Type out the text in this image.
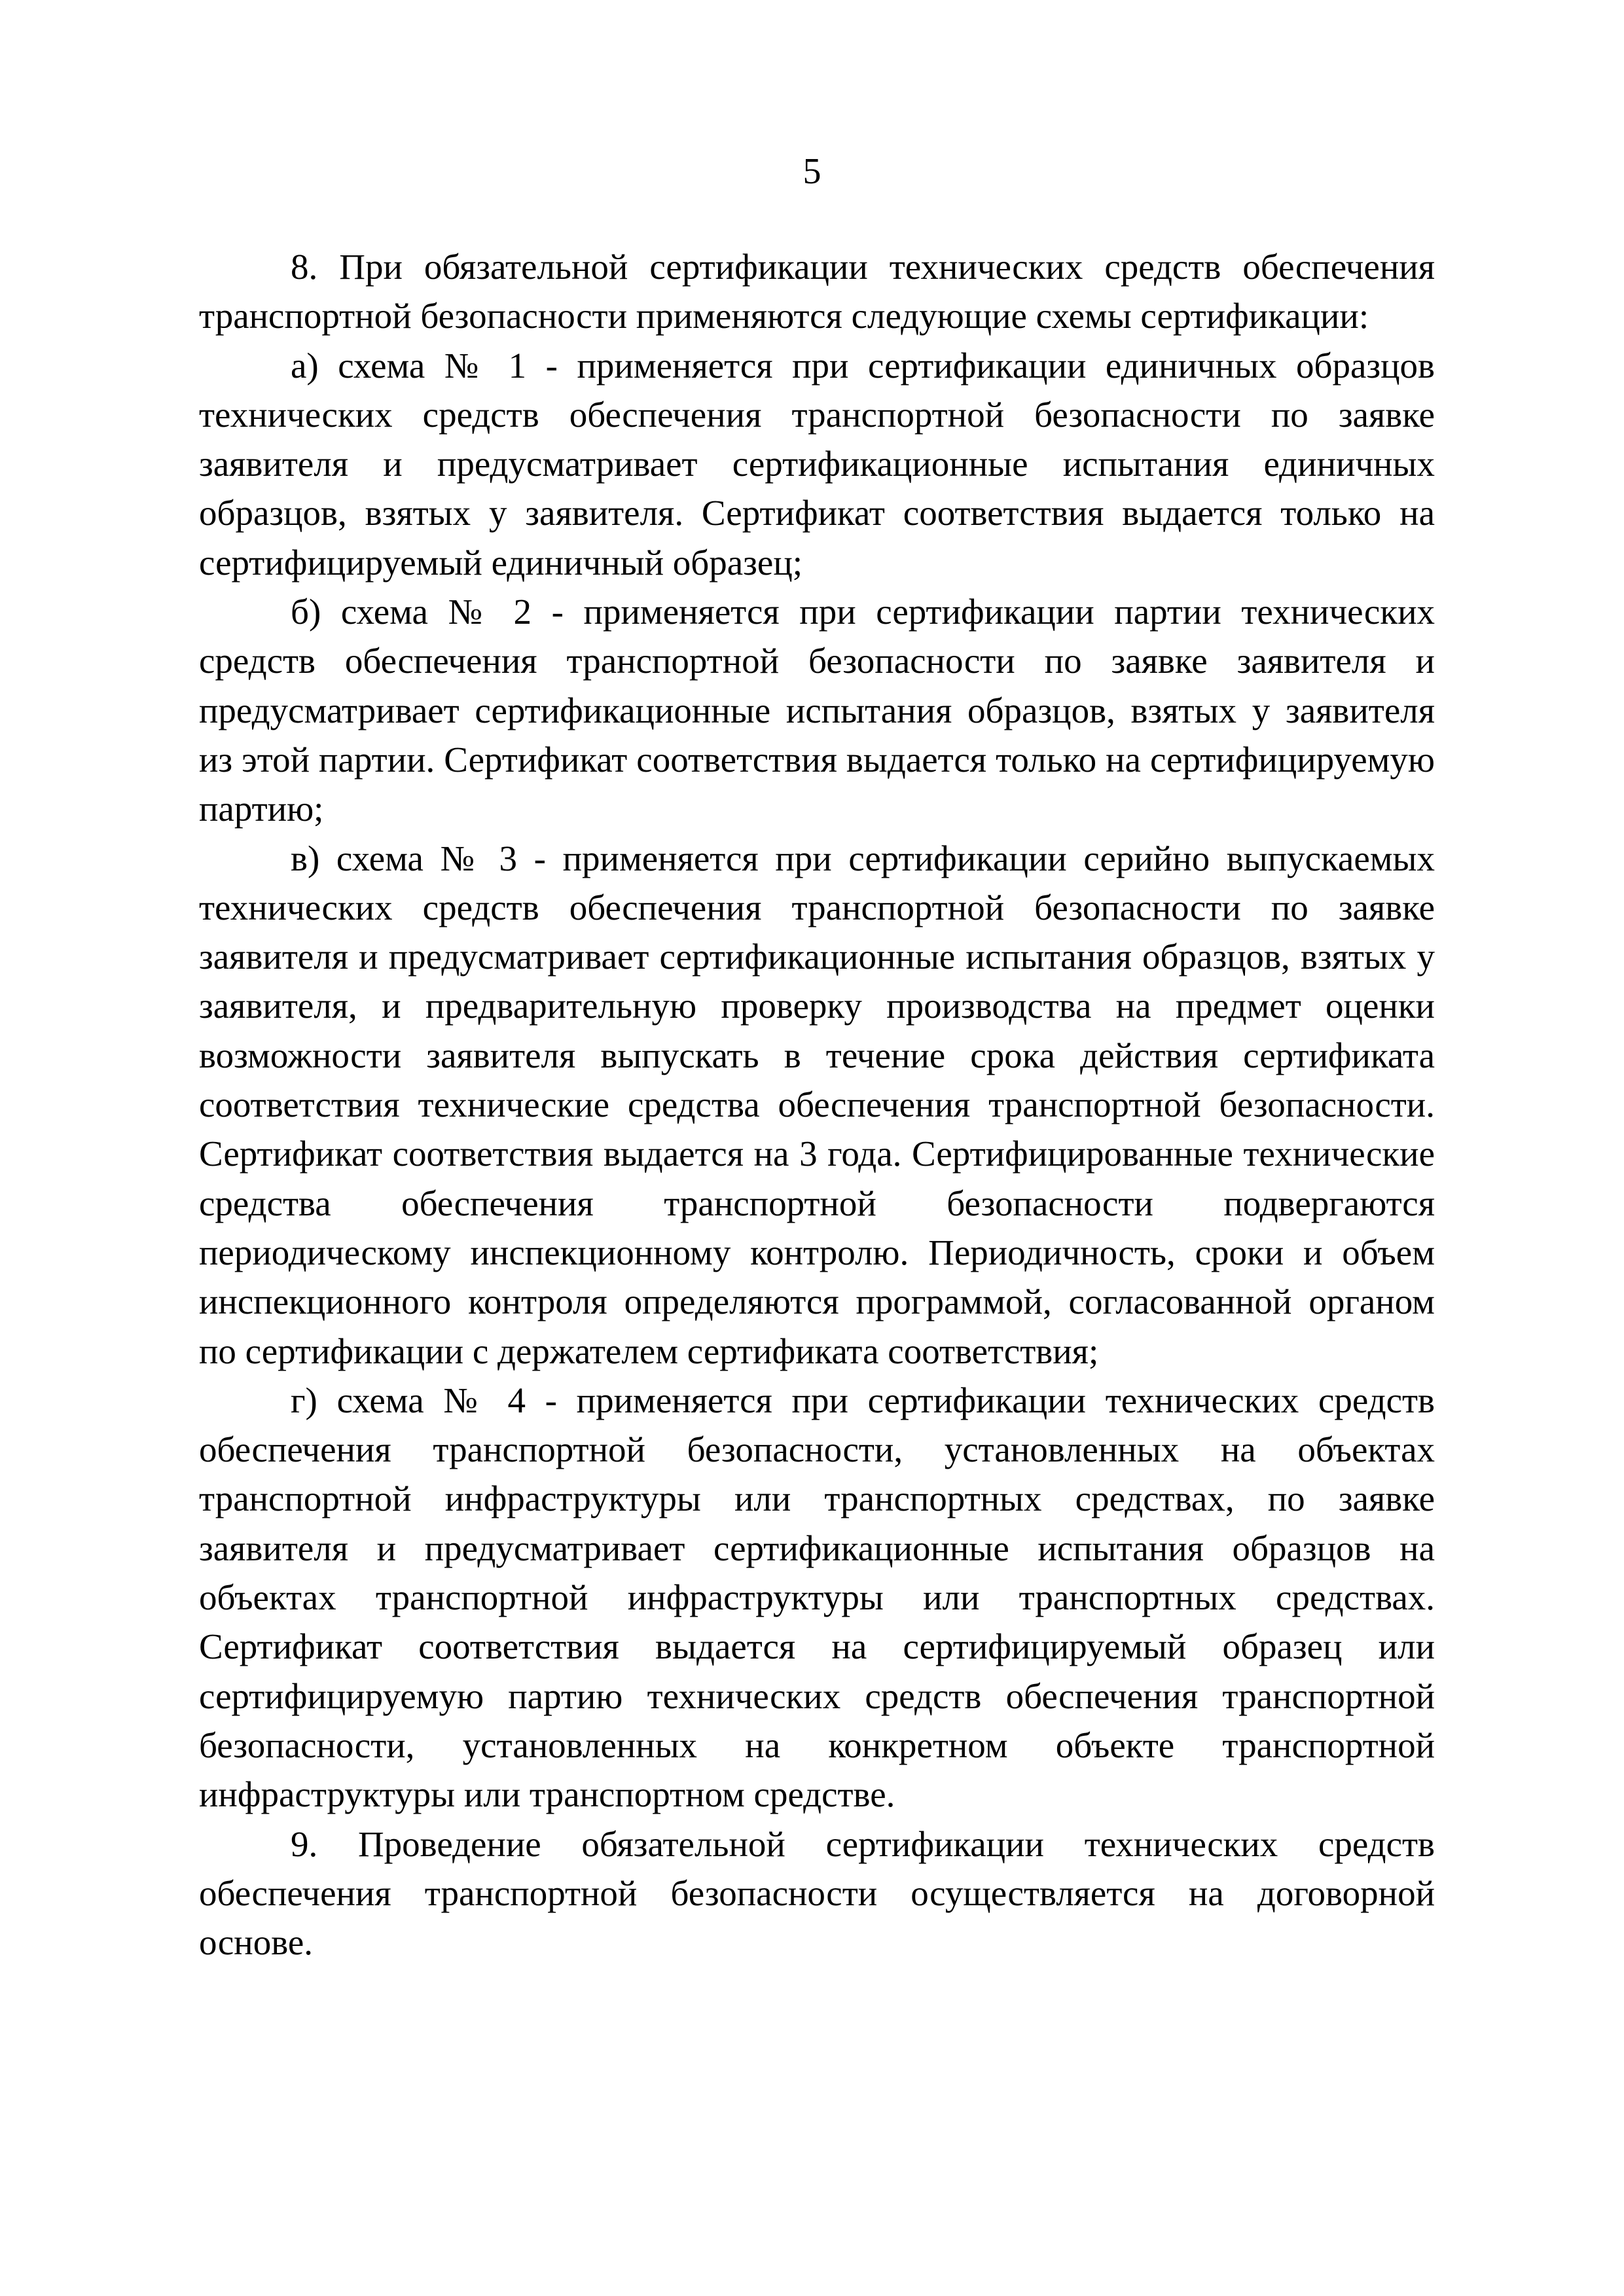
5

8. При обязательной сертификации технических средств обеспечения транспортной безопасности применяются следующие схемы сертификации:

а) схема № 1 - применяется при сертификации единичных образцов технических средств обеспечения транспортной безопасности по заявке заявителя и предусматривает сертификационные испытания единичных образцов, взятых у заявителя. Сертификат соответствия выдается только на сертифицируемый единичный образец;

б) схема № 2 - применяется при сертификации партии технических средств обеспечения транспортной безопасности по заявке заявителя и предусматривает сертификационные испытания образцов, взятых у заявителя из этой партии. Сертификат соответствия выдается только на сертифицируемую партию;

в) схема № 3 - применяется при сертификации серийно выпускаемых технических средств обеспечения транспортной безопасности по заявке заявителя и предусматривает сертификационные испытания образцов, взятых у заявителя, и предварительную проверку производства на предмет оценки возможности заявителя выпускать в течение срока действия сертификата соответствия технические средства обеспечения транспортной безопасности. Сертификат соответствия выдается на 3 года. Сертифицированные технические средства обеспечения транспортной безопасности подвергаются периодическому инспекционному контролю. Периодичность, сроки и объем инспекционного контроля определяются программой, согласованной органом по сертификации с держателем сертификата соответствия;

г) схема № 4 - применяется при сертификации технических средств обеспечения транспортной безопасности, установленных на объектах транспортной инфраструктуры или транспортных средствах, по заявке заявителя и предусматривает сертификационные испытания образцов на объектах транспортной инфраструктуры или транспортных средствах. Сертификат соответствия выдается на сертифицируемый образец или сертифицируемую партию технических средств обеспечения транспортной безопасности, установленных на конкретном объекте транспортной инфраструктуры или транспортном средстве.

9. Проведение обязательной сертификации технических средств обеспечения транспортной безопасности осуществляется на договорной основе.
